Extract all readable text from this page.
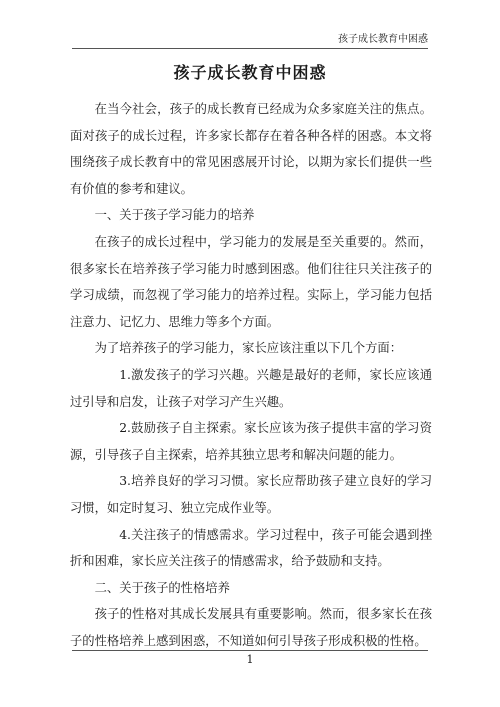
孩子成长教育中困惑
孩子成长教育中困惑

在当今社会，孩子的成长教育已经成为众多家庭关注的焦点。面对孩子的成长过程，许多家长都存在着各种各样的困惑。本文将围绕孩子成长教育中的常见困惑展开讨论，以期为家长们提供一些有价值的参考和建议。

一、关于孩子学习能力的培养

在孩子的成长过程中，学习能力的发展是至关重要的。然而，很多家长在培养孩子学习能力时感到困惑。他们往往只关注孩子的学习成绩，而忽视了学习能力的培养过程。实际上，学习能力包括注意力、记忆力、思维力等多个方面。

为了培养孩子的学习能力，家长应该注重以下几个方面：

1.激发孩子的学习兴趣。兴趣是最好的老师，家长应该通过引导和启发，让孩子对学习产生兴趣。

2.鼓励孩子自主探索。家长应该为孩子提供丰富的学习资源，引导孩子自主探索，培养其独立思考和解决问题的能力。

3.培养良好的学习习惯。家长应帮助孩子建立良好的学习习惯，如定时复习、独立完成作业等。

4.关注孩子的情感需求。学习过程中，孩子可能会遇到挫折和困难，家长应关注孩子的情感需求，给予鼓励和支持。

二、关于孩子的性格培养

孩子的性格对其成长发展具有重要影响。然而，很多家长在孩子的性格培养上感到困惑，不知道如何引导孩子形成积极的性格。

1
